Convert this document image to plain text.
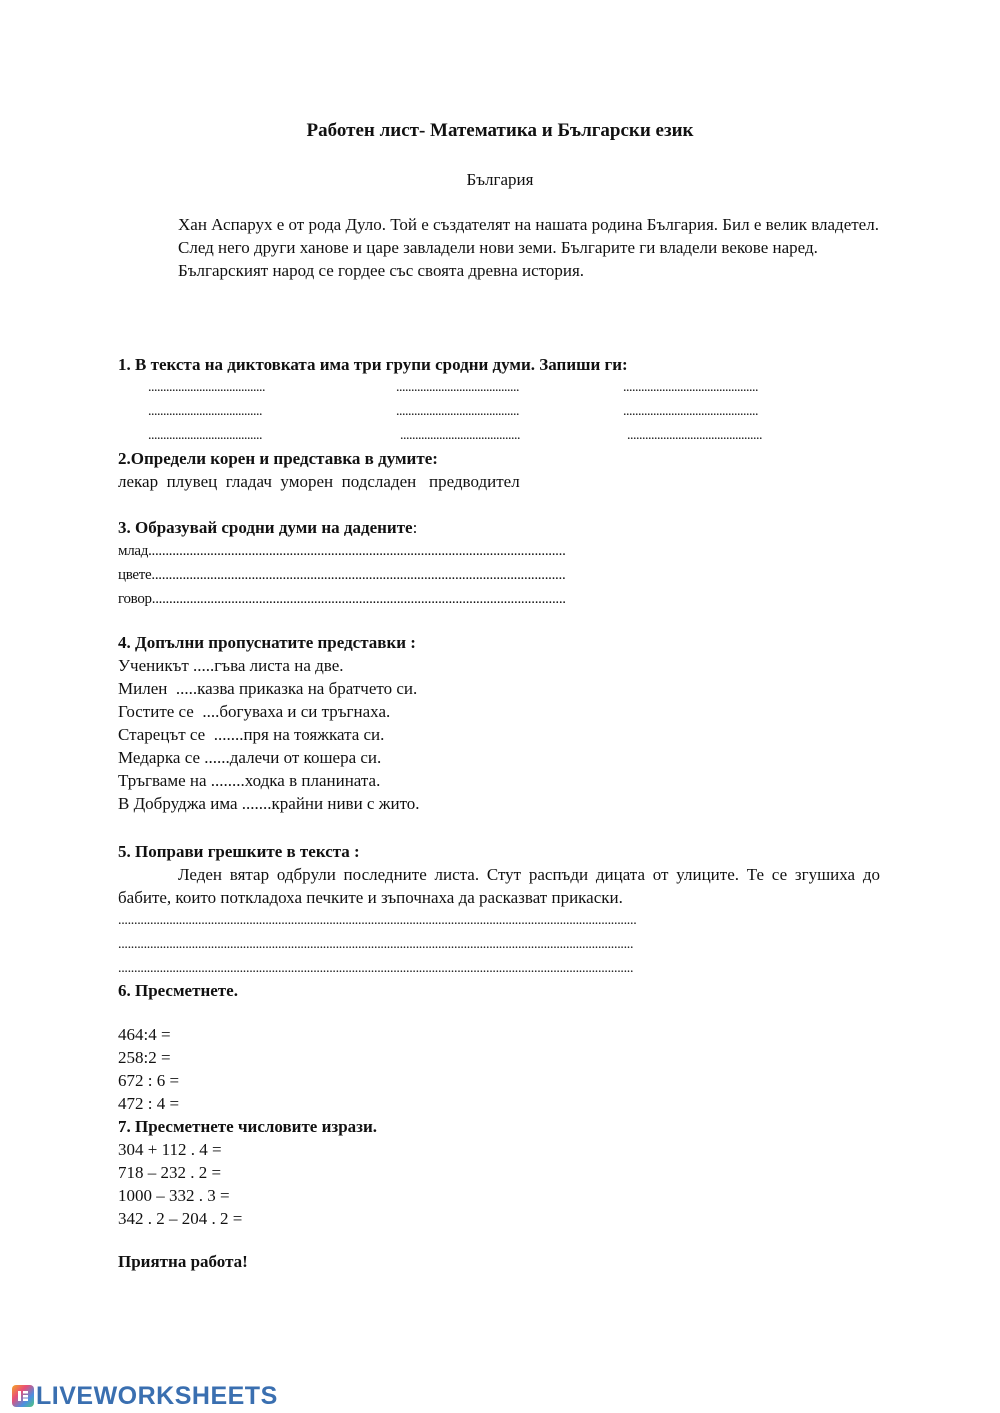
Работен лист- Математика и Български език
България

Хан Аспарух е от рода Дуло. Той е създателят на нашата родина България. Бил е велик владетел.

След него други ханове и царе завладели нови земи. Българите ги владели векове наред.

Българският народ се гордее със своята древна история.

1. В текста на диктовката има три групи сродни думи. Запиши ги:

.......................................	.........................................	.............................................
......................................	.........................................	.............................................
......................................	........................................	.............................................

2.Определи корен и представка в думите:

лекар  плувец  гладач  уморен  подсладен   предводител

3. Образувай сродни думи на дадените:

млад.........................................................................................................................

цвете........................................................................................................................

говор........................................................................................................................

4. Допълни пропуснатите представки :

Ученикът .....гъва листа на две.

Милен  .....казва приказка на братчето си.

Гостите се  ....богуваха и си тръгнаха.

Старецът се  .......пря на тояжката си.

Медарка се ......далечи от кошера си.

Тръгваме на ........ходка в планината.

В Добруджа има .......крайни ниви с жито.

5. Поправи грешките в текста :

Леден вятар одбрули последните листа. Стут распъди дицата от улиците. Те се згушиха до бабите, които поткладоха печките и зъпочнаха да расказват прикаски.

..................................................................................................................................................................

.................................................................................................................................................................

.................................................................................................................................................................

6. Пресметнете.

464:4 =

258:2 =

672 : 6 =

472 : 4 =

7. Пресметнете числовите изрази.

304 + 112 . 4 =

718 – 232 . 2 =

1000 – 332 . 3 =

342 . 2 – 204 . 2 =

Приятна работа!

LIVEWORKSHEETS
